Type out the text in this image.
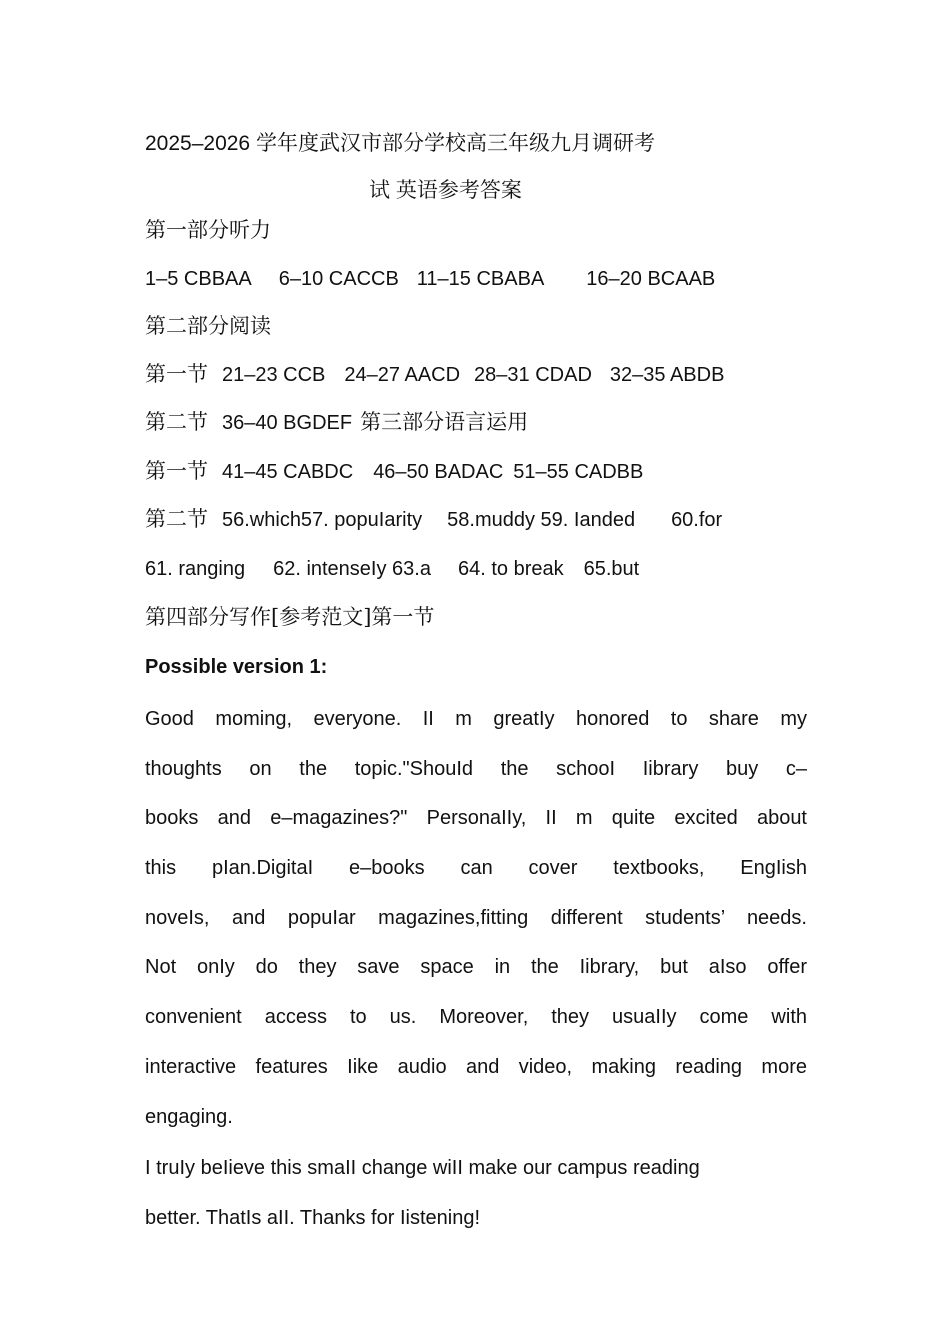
2025–2026 学年度武汉市部分学校高三年级九月调研考
试 英语参考答案
第一部分听力
1–5 CBBAA 6–10 CACCB 11–15 CBABA 16–20 BCAAB
第二部分阅读
第一节 21–23 CCB 24–27 AACD 28–31 CDAD 32–35 ABDB
第二节 36–40 BGDEF 第三部分语言运用
第一节 41–45 CABDC 46–50 BADAC 51–55 CADBB
第二节 56.which57. popuIarity 58.muddy 59. Ianded 60.for
61. ranging 62. intenseIy 63.a 64. to break 65.but
第四部分写作[参考范文]第一节
Possible version 1:
Good moming, everyone. II m greatIy honored to share my
thoughts on the topic."ShouId the schooI Iibrary buy c–
books and e–magazines?" PersonaIIy, II m quite excited about
this pIan.DigitaI e–books can cover textbooks, EngIish
noveIs, and popuIar magazines,fitting different students’ needs.
Not onIy do they save space in the Iibrary, but aIso offer
convenient access to us. Moreover, they usuaIIy come with
interactive features Iike audio and video, making reading more
engaging.
I truIy beIieve this smaII change wiII make our campus reading
better. ThatIs aII. Thanks for Iistening!
